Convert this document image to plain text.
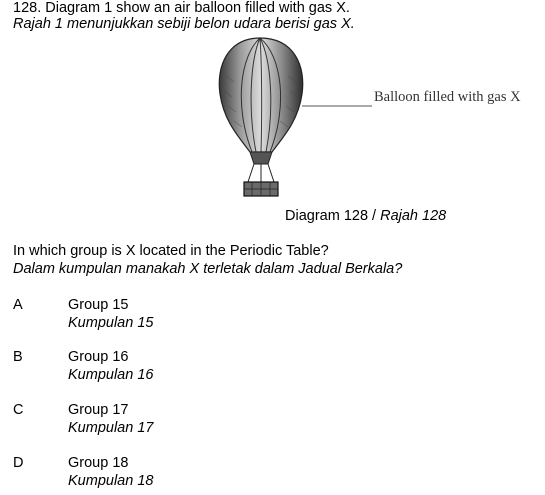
128. Diagram 1 show an air balloon filled with gas X.
Rajah 1 menunjukkan sebiji belon udara berisi gas X.
Balloon filled with gas X
Diagram 128 / Rajah 128
In which group is X located in the Periodic Table?
Dalam kumpulan manakah X terletak dalam Jadual Berkala?
A	Group 15
Kumpulan 15
B	Group 16
Kumpulan 16
C	Group 17
Kumpulan 17
D	Group 18
Kumpulan 18
